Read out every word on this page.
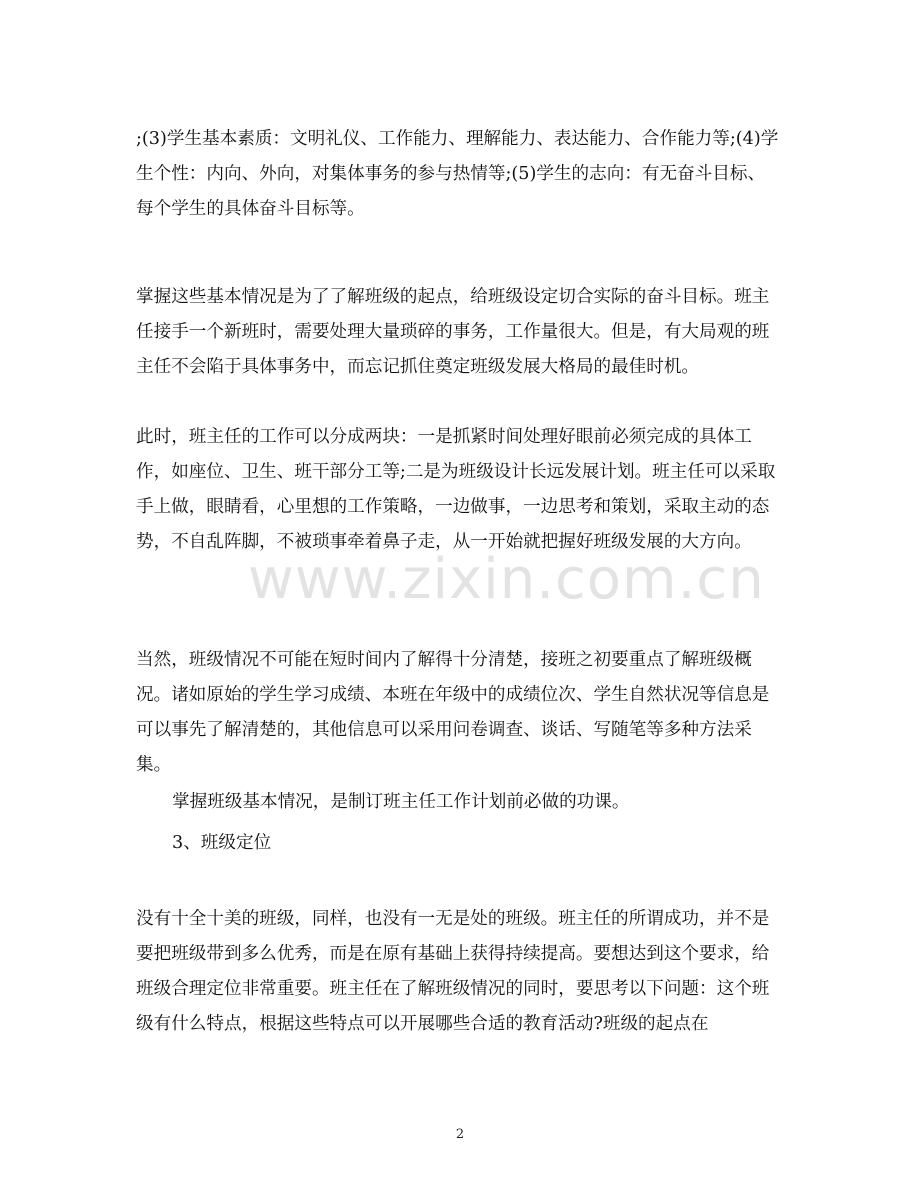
;(3)学生基本素质：文明礼仪、工作能力、理解能力、表达能力、合作能力等;(4)学生个性：内向、外向，对集体事务的参与热情等;(5)学生的志向：有无奋斗目标、每个学生的具体奋斗目标等。

掌握这些基本情况是为了了解班级的起点，给班级设定切合实际的奋斗目标。班主任接手一个新班时，需要处理大量琐碎的事务，工作量很大。但是，有大局观的班主任不会陷于具体事务中，而忘记抓住奠定班级发展大格局的最佳时机。

此时，班主任的工作可以分成两块：一是抓紧时间处理好眼前必须完成的具体工作，如座位、卫生、班干部分工等;二是为班级设计长远发展计划。班主任可以采取手上做，眼睛看，心里想的工作策略，一边做事，一边思考和策划，采取主动的态势，不自乱阵脚，不被琐事牵着鼻子走，从一开始就把握好班级发展的大方向。

当然，班级情况不可能在短时间内了解得十分清楚，接班之初要重点了解班级概况。诸如原始的学生学习成绩、本班在年级中的成绩位次、学生自然状况等信息是可以事先了解清楚的，其他信息可以采用问卷调查、谈话、写随笔等多种方法采集。

掌握班级基本情况，是制订班主任工作计划前必做的功课。

3、班级定位

没有十全十美的班级，同样，也没有一无是处的班级。班主任的所谓成功，并不是要把班级带到多么优秀，而是在原有基础上获得持续提高。要想达到这个要求，给班级合理定位非常重要。班主任在了解班级情况的同时，要思考以下问题：这个班级有什么特点，根据这些特点可以开展哪些合适的教育活动?班级的起点在

www.zixin.com.cn
2
